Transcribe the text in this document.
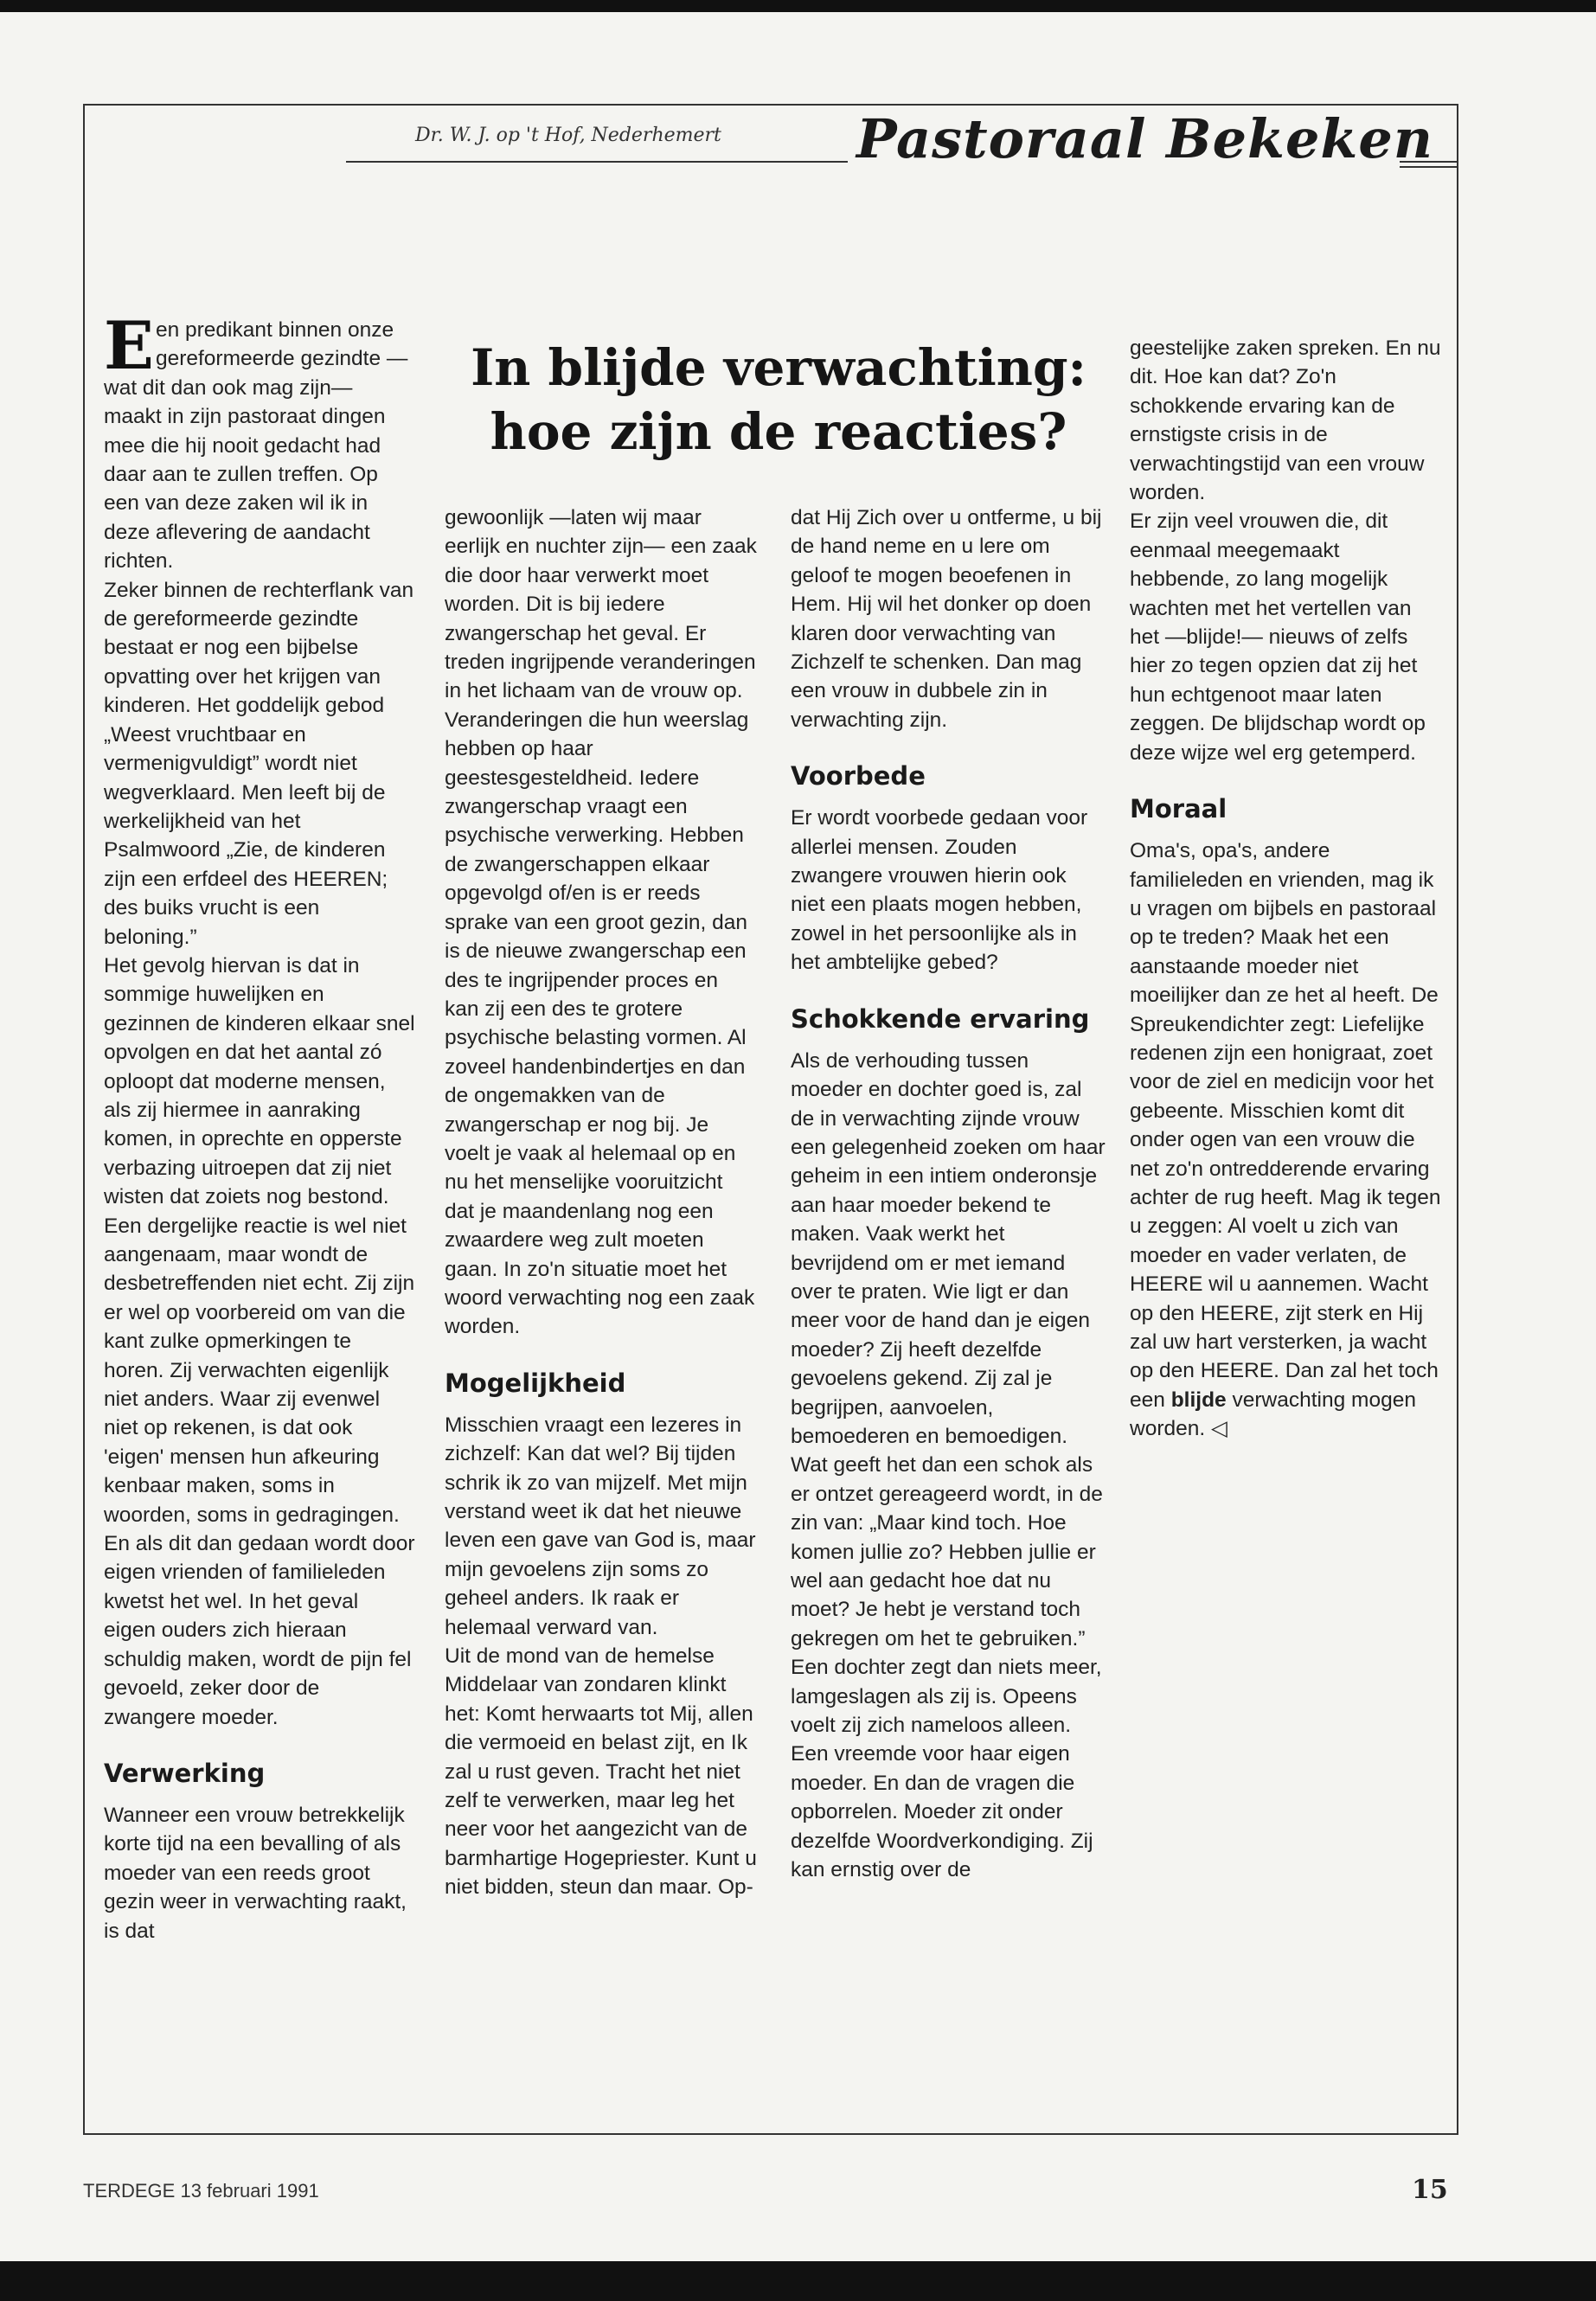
Dr. W. J. op 't Hof, Nederhemert	Pastoraal Bekeken
In blijde verwachting:
hoe zijn de reacties?

Een predikant binnen onze gereformeerde gezindte —wat dit dan ook mag zijn— maakt in zijn pastoraat dingen mee die hij nooit gedacht had daar aan te zullen treffen. Op een van deze zaken wil ik in deze aflevering de aandacht richten.

Zeker binnen de rechterflank van de gereformeerde gezindte bestaat er nog een bijbelse opvatting over het krijgen van kinderen. Het goddelijk gebod „Weest vruchtbaar en vermenigvuldigt” wordt niet wegverklaard. Men leeft bij de werkelijkheid van het Psalmwoord „Zie, de kinderen zijn een erfdeel des HEEREN; des buiks vrucht is een beloning.”

Het gevolg hiervan is dat in sommige huwelijken en gezinnen de kinderen elkaar snel opvolgen en dat het aantal zó oploopt dat moderne mensen, als zij hiermee in aanraking komen, in oprechte en opperste verbazing uitroepen dat zij niet wisten dat zoiets nog bestond. Een dergelijke reactie is wel niet aangenaam, maar wondt de desbetreffenden niet echt. Zij zijn er wel op voorbereid om van die kant zulke opmerkingen te horen. Zij verwachten eigenlijk niet anders. Waar zij evenwel niet op rekenen, is dat ook 'eigen' mensen hun afkeuring kenbaar maken, soms in woorden, soms in gedragingen. En als dit dan gedaan wordt door eigen vrienden of familieleden kwetst het wel. In het geval eigen ouders zich hieraan schuldig maken, wordt de pijn fel gevoeld, zeker door de zwangere moeder.

Verwerking

Wanneer een vrouw betrekkelijk korte tijd na een bevalling of als moeder van een reeds groot gezin weer in verwachting raakt, is dat

gewoonlijk —laten wij maar eerlijk en nuchter zijn— een zaak die door haar verwerkt moet worden. Dit is bij iedere zwangerschap het geval. Er treden ingrijpende veranderingen in het lichaam van de vrouw op. Veranderingen die hun weerslag hebben op haar geestesgesteldheid. Iedere zwangerschap vraagt een psychische verwerking. Hebben de zwangerschappen elkaar opgevolgd of/en is er reeds sprake van een groot gezin, dan is de nieuwe zwangerschap een des te ingrijpender proces en kan zij een des te grotere psychische belasting vormen. Al zoveel handenbindertjes en dan de ongemakken van de zwangerschap er nog bij. Je voelt je vaak al helemaal op en nu het menselijke vooruitzicht dat je maandenlang nog een zwaardere weg zult moeten gaan. In zo'n situatie moet het woord verwachting nog een zaak worden.

Mogelijkheid

Misschien vraagt een lezeres in zichzelf: Kan dat wel? Bij tijden schrik ik zo van mijzelf. Met mijn verstand weet ik dat het nieuwe leven een gave van God is, maar mijn gevoelens zijn soms zo geheel anders. Ik raak er helemaal verward van.

Uit de mond van de hemelse Middelaar van zondaren klinkt het: Komt herwaarts tot Mij, allen die vermoeid en belast zijt, en Ik zal u rust geven. Tracht het niet zelf te verwerken, maar leg het neer voor het aangezicht van de barmhartige Hogepriester. Kunt u niet bidden, steun dan maar. Op-

dat Hij Zich over u ontferme, u bij de hand neme en u lere om geloof te mogen beoefenen in Hem. Hij wil het donker op doen klaren door verwachting van Zichzelf te schenken. Dan mag een vrouw in dubbele zin in verwachting zijn.

Voorbede

Er wordt voorbede gedaan voor allerlei mensen. Zouden zwangere vrouwen hierin ook niet een plaats mogen hebben, zowel in het persoonlijke als in het ambtelijke gebed?

Schokkende ervaring

Als de verhouding tussen moeder en dochter goed is, zal de in verwachting zijnde vrouw een gelegenheid zoeken om haar geheim in een intiem onderonsje aan haar moeder bekend te maken. Vaak werkt het bevrijdend om er met iemand over te praten. Wie ligt er dan meer voor de hand dan je eigen moeder? Zij heeft dezelfde gevoelens gekend. Zij zal je begrijpen, aanvoelen, bemoederen en bemoedigen.

Wat geeft het dan een schok als er ontzet gereageerd wordt, in de zin van: „Maar kind toch. Hoe komen jullie zo? Hebben jullie er wel aan gedacht hoe dat nu moet? Je hebt je verstand toch gekregen om het te gebruiken.”

Een dochter zegt dan niets meer, lamgeslagen als zij is. Opeens voelt zij zich nameloos alleen. Een vreemde voor haar eigen moeder. En dan de vragen die opborrelen. Moeder zit onder dezelfde Woordverkondiging. Zij kan ernstig over de

geestelijke zaken spreken. En nu dit. Hoe kan dat? Zo'n schokkende ervaring kan de ernstigste crisis in de verwachtingstijd van een vrouw worden.

Er zijn veel vrouwen die, dit eenmaal meegemaakt hebbende, zo lang mogelijk wachten met het vertellen van het —blijde!— nieuws of zelfs hier zo tegen opzien dat zij het hun echtgenoot maar laten zeggen. De blijdschap wordt op deze wijze wel erg getemperd.

Moraal

Oma's, opa's, andere familieleden en vrienden, mag ik u vragen om bijbels en pastoraal op te treden? Maak het een aanstaande moeder niet moeilijker dan ze het al heeft. De Spreukendichter zegt: Liefelijke redenen zijn een honigraat, zoet voor de ziel en medicijn voor het gebeente. Misschien komt dit onder ogen van een vrouw die net zo'n ontredderende ervaring achter de rug heeft. Mag ik tegen u zeggen: Al voelt u zich van moeder en vader verlaten, de HEERE wil u aannemen. Wacht op den HEERE, zijt sterk en Hij zal uw hart versterken, ja wacht op den HEERE. Dan zal het toch een blijde verwachting mogen worden. ◁

TERDEGE 13 februari 1991	15
